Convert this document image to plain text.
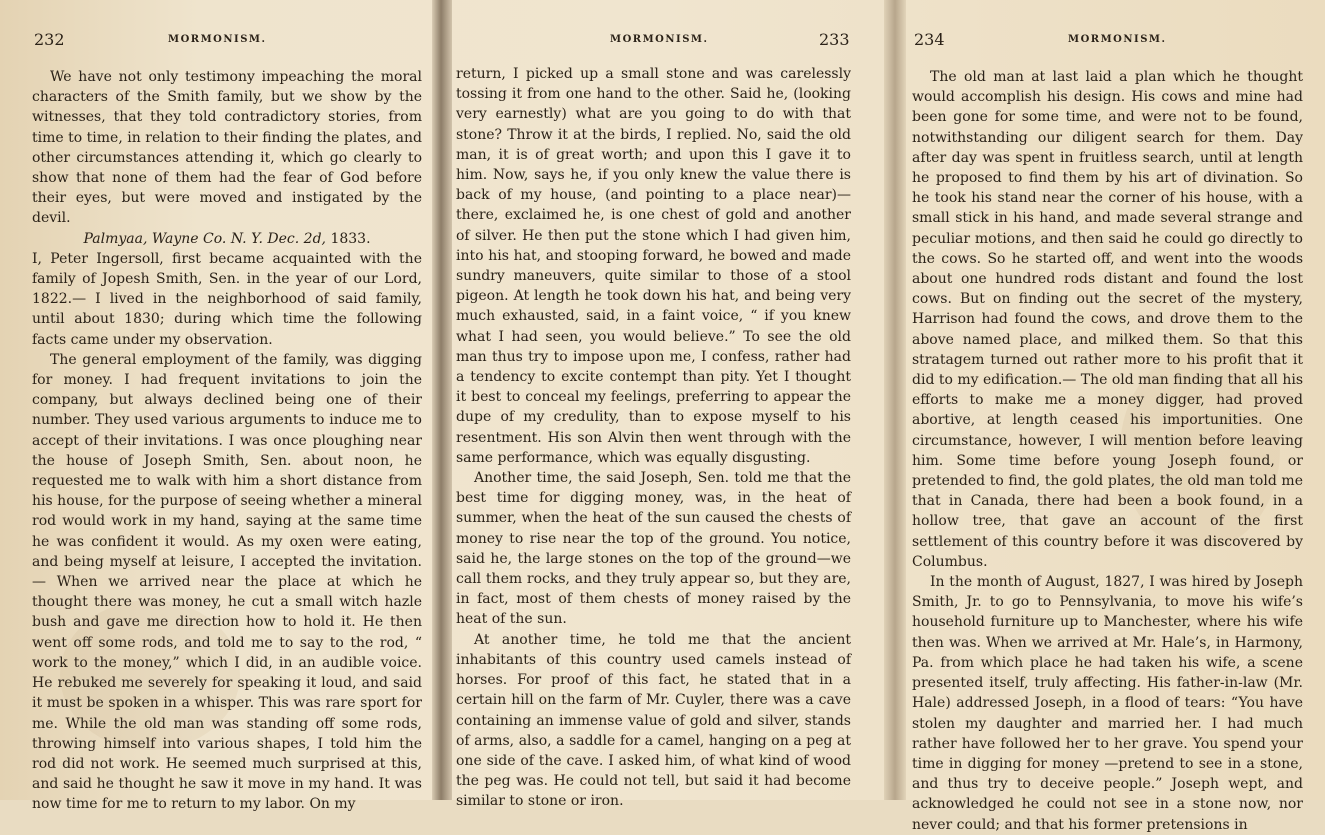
232	MORMONISM.

We have not only testimony impeaching the moral characters of the Smith family, but we show by the witnesses, that they told contradictory stories, from time to time, in relation to their finding the plates, and other circumstances attending it, which go clearly to show that none of them had the fear of God before their eyes, but were moved and instigated by the devil.

Palmyaa, Wayne Co. N. Y. Dec. 2d, 1833.

I, Peter Ingersoll, first became acquainted with the family of Jopesh Smith, Sen. in the year of our Lord, 1822.— I lived in the neighborhood of said family, until about 1830; during which time the following facts came under my observation.

The general employment of the family, was digging for money. I had frequent invitations to join the company, but always declined being one of their number. They used various arguments to induce me to accept of their invitations. I was once ploughing near the house of Joseph Smith, Sen. about noon, he requested me to walk with him a short distance from his house, for the purpose of seeing whether a mineral rod would work in my hand, saying at the same time he was confident it would. As my oxen were eating, and being myself at leisure, I accepted the invitation.— When we arrived near the place at which he thought there was money, he cut a small witch hazle bush and gave me direction how to hold it. He then went off some rods, and told me to say to the rod, “ work to the money,” which I did, in an audible voice. He rebuked me severely for speaking it loud, and said it must be spoken in a whisper. This was rare sport for me. While the old man was standing off some rods, throwing himself into various shapes, I told him the rod did not work. He seemed much surprised at this, and said he thought he saw it move in my hand. It was now time for me to return to my labor. On my

MORMONISM.	233

return, I picked up a small stone and was carelessly tossing it from one hand to the other. Said he, (looking very earnestly) what are you going to do with that stone? Throw it at the birds, I replied. No, said the old man, it is of great worth; and upon this I gave it to him. Now, says he, if you only knew the value there is back of my house, (and pointing to a place near)—there, exclaimed he, is one chest of gold and another of silver. He then put the stone which I had given him, into his hat, and stooping forward, he bowed and made sundry maneuvers, quite similar to those of a stool pigeon. At length he took down his hat, and being very much exhausted, said, in a faint voice, “ if you knew what I had seen, you would believe.” To see the old man thus try to impose upon me, I confess, rather had a tendency to excite contempt than pity. Yet I thought it best to conceal my feelings, preferring to appear the dupe of my credulity, than to expose myself to his resentment. His son Alvin then went through with the same performance, which was equally disgusting.

Another time, the said Joseph, Sen. told me that the best time for digging money, was, in the heat of summer, when the heat of the sun caused the chests of money to rise near the top of the ground. You notice, said he, the large stones on the top of the ground—we call them rocks, and they truly appear so, but they are, in fact, most of them chests of money raised by the heat of the sun.

At another time, he told me that the ancient inhabitants of this country used camels instead of horses. For proof of this fact, he stated that in a certain hill on the farm of Mr. Cuyler, there was a cave containing an immense value of gold and silver, stands of arms, also, a saddle for a camel, hanging on a peg at one side of the cave. I asked him, of what kind of wood the peg was. He could not tell, but said it had become similar to stone or iron.

234	MORMONISM.

The old man at last laid a plan which he thought would accomplish his design. His cows and mine had been gone for some time, and were not to be found, notwithstanding our diligent search for them. Day after day was spent in fruitless search, until at length he proposed to find them by his art of divination. So he took his stand near the corner of his house, with a small stick in his hand, and made several strange and peculiar motions, and then said he could go directly to the cows. So he started off, and went into the woods about one hundred rods distant and found the lost cows. But on finding out the secret of the mystery, Harrison had found the cows, and drove them to the above named place, and milked them. So that this stratagem turned out rather more to his profit that it did to my edification.— The old man finding that all his efforts to make me a money digger, had proved abortive, at length ceased his importunities. One circumstance, however, I will mention before leaving him. Some time before young Joseph found, or pretended to find, the gold plates, the old man told me that in Canada, there had been a book found, in a hollow tree, that gave an account of the first settlement of this country before it was discovered by Columbus.

In the month of August, 1827, I was hired by Joseph Smith, Jr. to go to Pennsylvania, to move his wife’s household furniture up to Manchester, where his wife then was. When we arrived at Mr. Hale’s, in Harmony, Pa. from which place he had taken his wife, a scene presented itself, truly affecting. His father-in-law (Mr. Hale) addressed Joseph, in a flood of tears: “You have stolen my daughter and married her. I had much rather have followed her to her grave. You spend your time in digging for money —pretend to see in a stone, and thus try to deceive people.” Joseph wept, and acknowledged he could not see in a stone now, nor never could; and that his former pretensions in
